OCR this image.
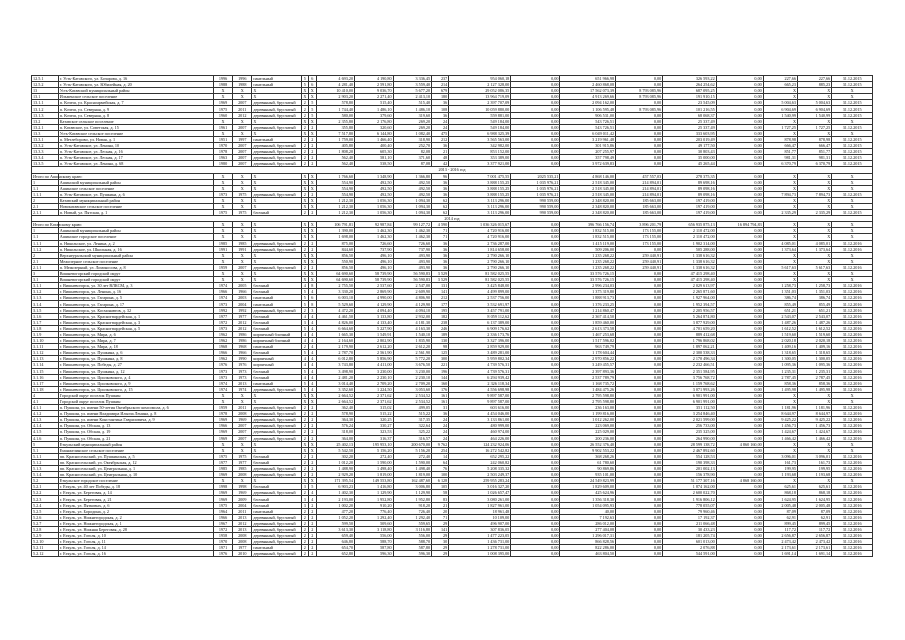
12.5.1	г. Усть-Катавского, ул. Бочарова, д. 16	1996	1996	панельный	5	6	4 693,20	4 190,80	3 336,45	237	954 060,18	0,00	651 966,98	0,00	326 593,22	0,00	227,66	227,66	31.12.2015
12.5.2	г. Усть-Катавского, ул. Юбилейная, д. 20	1988	1988	панельный	5	6	4 281,40	2 591,80	3 559,40	214	2 127 328,00	0,00	2 460 868,08	0,00	264 254,62	0,00	665,23	885,23	31.12.2015
13	Усть-Катавский муниципальный район	X	X	X	X	X	10 410,00	9 036,70	5 677,20	679	29 052 086,35	0,00	17 562 073,39	8 793 085,96	687 095,25	0,00	X	X	X
13.1	Ильменское сельское поселение	X	X	X	X	X	2 903,20	2 271,40	2 413,10	180	13 964 719,09	0,00	4 913 269,66	8 793 085,96	191 910,15	0,00	X	X	X
13.1.1	п. Кочеш, ул. Красноармейская, д. 7	1969	2007	деревянный, брусчатый	2	5	578,80	515,40	515,40	36	2 397 707,09	0,00	2 094 162,00	0,00	23 545,09	0,00	5 004,63	5 004,63	31.12.2015
13.1.2	п. Кочеш, ул. Северная, д. 9	1975	2011	деревянный, брусчатый	2	5	1 744,40	1 486,10	1 486,10	108	10 059 880,00	0,00	1 106 595,48	8 793 085,96	101 216,55	0,00	6 904,69	6 904,69	31.12.2015
13.1.3	п. Кочеш, ул. Северная, д. 8	1960	2012	деревянный, брусчатый	2	5	580,00	379,60	319,60	36	559 881,00	0,00	906 531,00	0,00	68 068,37	0,00	1 540,99	1 540,99	31.12.2015
13.2	Катавское сельское поселение	X	X	X	X	X	2 355,80	2 176,80	269,20	24	549 184,00	0,00	543 726,51	0,00	25 337,49	0,00	X	X	X
13.2.1	п. Катавское, ул. Советская, д. 15	1961	2007	деревянный, брусчатый	2	2	355,80	320,60	269,20	24	549 184,00	0,00	543 726,51	0,00	25 337,49	0,00	1 727,25	1 727,25	31.12.2015
13.3	Усть-Катавское сельское поселение	X	X	X	X	X	7 517,80	6 144,80	1 082,40	475	6 988 325,39	0,00	6 049 011,42	0,00	333 603,95	0,00	X	X	X
13.3.1	п. Метлеборово, ул. Новая, д. 1	1951	1997	панельный	2	2	1 759,00	1 466,40	318,90	212	3 565 563,00	0,00	3 219 961,48	0,00	203 019,49	0,00	878,98	878,98	31.12.2015
13.3.2	п. Усть-Катавское, ул. Ленина, 10	1970	2007	деревянный, брусчатый	2	2	405,80	400,40	252,70	36	342 982,00	0,00	301 915,86	0,00	49 177,50	0,00	666,47	666,47	31.12.2015
13.3.3	п. Усть-Катавское, ул. Лесная, д. 16	1978	2007	деревянный, брусчатый	2	2	1 808,20	605,30	82,08	21	853 152,00	0,00	207 255,97	0,00	30 803,43	0,00	851,77	851,77	31.12.2015
13.3.4	п. Усть-Катавское, ул. Лесная, д. 17	1963	2007	деревянный, брусчатый	2	2	562,40	581,10	371,60	48	353 389,00	0,00	357 798,49	0,00	35 000,00	0,00	981,31	981,31	31.12.2015
13.3.5	п. Усть-Катавское, ул. Ленина, д. 68	1980	2007	деревянный, брусчатый	2	2	562,40	538,50	87,08	42	3 377 921,00	0,00	3 972 639,83	0,00	45 265,44	0,00	6 370,79	6 370,79	31.12.2015
2013 - 2016 год																			
Итого по Ашинскому краю:		X	X	X	X	X	1 766,60	1 348,90	1 366,80	96	7 001 475,55	2025 535,21	4 868 146,00	457 557,03	278 375,35	0,00	X	X	X
1	Ашинский муниципальный район	X	X	X	X	X	554,90	492,50	492,50	36	3 888 155,25	1 035 976,21	2 518 345,00	214 894,01	89 698,16	0,00	X	X	X
1.1	Ашинское сельское поселение	X	X	X	X	X	554,90	492,50	492,50	36	3 888 155,25	1 035 976,21	2 518 345,00	214 894,01	89 098,16	0,00	X	X	X
1.1.1	п. Усть-Катавское, ул. Пушкина, д. 6	1973	1975	деревянный, брусчатый	2	2	554,90	492,50	492,50	36	3 888 155,25	1 035 976,21	2 518 345,00	214 894,01	89 098,16	0,00	7 894,73	7 894,73	31.12.2015
2	Катавский муниципальный район	X	X	X	X	X	1 212,30	1 056,30	1 094,30	62	3 113 296,00	990 559,00	2 348 820,00	185 663,00	197 419,00	0,00	X	X	X
2.1	Новокатавское сельское поселение	X	X	X	X	X	1 212,30	1 056,30	1 094,30	62	3 113 296,00	990 559,00	2 348 820,00	185 663,00	197 419,00	0,00	X	X	X
2.1.1	п. Новый, ул. Пятская, д. 1	1975	1975	блочный	2	2	1 212,30	1 056,30	1 094,30	62	3 113 296,00	990 559,00	2 348 820,00	185 663,00	197 419,00	0,00	2 335,29	2 335,29	31.12.2015
2014 год																			
Итого по Катавскому краю:		X	X	X	X	X	106 791,81	92 987,84	99 127,72	4 590	1 036 326 015,67	0,00	396 766 156,74	3 896 201,79	656 935 875,13	16 894 794,83	X	X	X
1	Ашинский муниципальный район	X	X	X	X	X	1 390,00	1 462,30	1 462,30	71	4 720 916,00	0,00	1 832 515,00	173 155,00	2 110 472,00	0,00	X	X	X
1.1	Ашинское городское поселение	X	X	X	X	X	1 698,00	1 462,30	1 462,30	71	4 720 916,00	0,00	1 832 515,00	173 155,00	2 110 472,00	0,00	X	X	X
1.1.1	п. Никольское, ул. Ленина, д. 2	1985	1985	деревянный, брусчатый	2	2	875,00	726,60	726,60	36	2 736 287,00	0,00	1 415 119,00	173 155,00	1 902 314,00	0,00	4 085,01	4 085,01	31.12.2016
1.1.2	п. Никольское, ул. Школьная, д. 16	1991	1991	деревянный, брусчатый	2	2	844,60	737,90	737,90	36	1 814 658,00	0,00	509 206,00	0,00	505 288,00	0,00	1 373,64	1 373,64	31.12.2016
2	Верхнеуральский муниципальный район	X	X	X	X	X	856,50	496,10	493,90	36	2 790 266,10	0,00	1 235 268,22	259 440,91	1 338 616,32	0,00	X	X	X
2.1	Межозерное сельское поселение	X	X	X	X	X	550,90	496,10	493,90	36	2 790 266,10	0,00	1 235 268,22	259 440,91	1 338 616,32	0,00	X	X	X
2.1.1	п. Межозерный, ул. Ломоносова, д. 8	1959	2007	деревянный, брусчатый	2	2	856,50	496,10	493,90	36	2 790 266,10	0,00	1 235 268,22	259 440,91	1 338 616,32	0,00	5 617,63	5 617,63	31.12.2016
3	Вишневогорский городской округ	X	X	X	X	X	64 690,60	58 739,90	56 590,83	3 529	81 582 025,55	0,00	33 576 726,15	0,00	47 415 298,40	0,00	X	X	X
3.1	Вишневогорский городской округ	X	X	X	X	X	64 690,60	58 739,90	56 590,83	3 529	81 582 025,55	0,00	33 576 726,15	0,00	47 415 298,40	0,00	X	X	X
3.1.1	г. Вишневогорск, ул. 30 лет ВЛКСМ, д. 3	1974	2005	блочный	4	8	2 755,50	2 537,60	2 547,00	131	3 425 848,00	0,00	2 996 234,03	0,00	2 029 613,97	0,00	1 258,73	1 258,73	31.12.2016
3.1.2	г. Вишневогорск, ул. Ленина, д. 16	1966	1966	блочный	5	4	3 330,20	2 869,90	2 609,90	141	4 499 899,00	0,00	1 375 319,80	0,00	2 265 871,60	0,00	1 351,03	1 351,03	31.12.2016
3.1.3	г. Вишневогорск, ул. Гагарина, д. 5	1974	2003	панельный	5	6	6 003,10	4 990,00	4 806,90	212	2 537 756,00	0,00	1 888 913,73	0,00	1 927 964,00	0,00	386,74	386,74	31.12.2016
3.1.4	г. Вишневогорск, ул. Гагарина, д. 17	1973	2004	панельный	5	8	5 529,60	4 129,90	4 129,90	177	3 532 691,97	0,00	1 376 233,25	0,00	1 952 394,57	0,00	855,49	855,49	31.12.2016
3.1.5	г. Вишневогорск, ул. Космонавтов, д. 32	1992	1992	деревянный, брусчатый	2	3	4 472,20	4 094,40	4 094,10	195	3 457 791,00	0,00	1 214 860,47	0,00	2 205 956,57	0,00	651,21	651,21	31.12.2016
3.1.6	г. Вишневогорск, ул. Красногвардейская, д. 1	1977	1977	блочный	4	4	4 461,50	3 133,80	2 932,00	182	8 059 112,62	0,00	2 367 414,50	0,00	5 264 874,80	0,00	2 543,07	2 543,07	31.12.2016
3.1.7	г. Вишневогорск, ул. Красногвардейская, д. 3	1972	2012	блочный	3	4	4 826,00	4 133,40	4 181,30	238	6 137 389,00	0,00	1 859 460,00	0,00	3 877 929,00	0,00	1 487,26	1 487,26	31.12.2016
3.1.8	г. Вишневогорск, ул. Красногвардейская, д. 5	1973	2012	блочный	5	4	6 664,60	5 227,90	4 163,30	246	6 909 176,62	0,00	2 613 373,58	0,00	4 701 659,20	0,00	1 612,52	1 612,52	31.12.2016
3.1.9	г. Вишневогорск, ул. Мира, д. 6	1962	1986	кирпичный блочный	4	4	1 665,30	1 549,91	1 540,10	189	2 336 173,76	0,00	1 467 253,68	0,00	889 412,68	0,00	1 519,60	1 519,60	31.12.2016
3.1.10	г. Вишневогорск, ул. Мира, д. 7	1962	1986	кирпичный блочный	4	4	2 164,60	2 802,90	1 835,90	130	3 327 396,00	0,00	1 517 596,02	0,00	1 796 868,02	0,00	2 020,18	2 020,18	31.12.2016
3.1.11	г. Вишневогорск, ул. Мира, д. 18	1968	1968	панельный	2	4	2 179,90	2 612,20	2 612,20	98	2 859 929,00	0,00	963 749,79	0,00	1 897 062,21	0,00	1 409,16	1 409,16	31.12.2016
3.1.12	г. Вишневогорск, ул. Пушкина, д. 6	1966	1966	блочный	5	4	2 787,70	2 561,90	2 561,90	125	3 489 281,00	0,00	1 178 604,44	0,00	2 300 538,33	0,00	1 318,65	1 318,65	31.12.2016
3.1.13	г. Вишневогорск, ул. Пушкина, д. 8	1962	1990	кирпичный	4	4	6 012,80	5 856,90	5 772,20	300	5 959 802,34	0,00	2 970 856,22	0,00	2 170 496,34	0,00	1 300,05	1 300,05	31.12.2016
3.1.14	г. Вишневогорск, ул. Победы, д. 27	1976	1976	кирпичный	4	4	3 743,80	4 411,00	3 676,50	221	4 739 576,31	0,00	3 249 455,57	0,00	2 232 466,51	0,00	1 095,36	1 095,36	31.12.2016
3.1.15	г. Вишневогорск, ул. Пушкина, д. 12	1973	1973	блочный	5	4	3 498,90	3 230,00	3 230,00	196	4 739 576,31	0,00	2 397 893,36	0,00	2 351 584,95	0,00	1 235,31	1 235,31	31.12.2016
3.1.16	г. Вишневогорск, ул. Циолковского, д. 4	1973	1973	блочный	4	4	2 481,20	2 230,10	2 230,10	144	6 294 939,42	0,00	2 537 789,79	0,00	3 756 768,72	0,00	2 787,45	2 787,45	31.12.2016
3.1.17	г. Вишневогорск, ул. Циолковского, д. 9	1974	2013	панельный	5	4	3 014,40	2 709,20	2 709,20	160	2 326 118,34	0,00	1 168 735,72	0,00	1 159 768,62	0,00	858,36	858,36	31.12.2016
3.1.18	г. Вишневогорск, ул. Циолковского, д. 15	1974	1974	деревянный, брусчатый	5	4	3 352,60	1 224,50	3 053,60	176	4 556 698,98	0,00	1 484 475,26	0,00	3 071 993,26	0,00	1 495,98	1 495,98	31.12.2016
4	Городской округ поселок Пушкин	X	X	X	X	X	2 664,52	2 371,62	2 534,52	161	9 897 587,00	0,00	2 795 598,80	0,00	6 901 991,00	0,00	X	X	X
4.1	Городской округ поселок Пушкин	X	X	X	X	X	2 664,52	2 371,62	2 534,52	161	9 897 587,00	0,00	2 795 598,80	0,00	6 901 991,00	0,00	X	X	X
4.1.1	п. Пушкин, ул. имени 50-летия Октябрьского комсомола, д. 6	1959	2011	деревянный, брусчатый	2	2	362,40	315,02	499,05	31	603 616,00	0,00	236 163,00	0,00	351 112,50	0,00	1 181,96	1 181,96	31.12.2016
4.1.2	п. Пушкин, ул. имени Владимира Ильича Ленина, д. 8	1978	2008	деревянный, брусчатый	2	2	578,90	515,22	515,22	36	4 454 046,00	0,00	1 199 816,00	0,00	3 254 846,40	0,00	8 644,97	8 644,97	31.12.2016
4.1.3	п. Пушкин, ул. имени Константина Гавриловича, д. 9	1969	1969	деревянный, брусчатый	2	2	364,30	320,25	317,35	24	3 133 861,00	0,00	1 012 262,00	0,00	2 021 599,00	0,00	9 425,22	9 425,22	31.12.2016
4.1.4	п. Пушкин, ул. Обская, д. 13	1966	2007	деревянный, брусчатый	2	2	576,24	330,27	322,64	24	480 999,00	0,00	223 069,00	0,00	256 733,00	0,00	1 456,73	1 456,73	31.12.2016
4.1.5	п. Пушкин, ул. Обская, д. 19	1969	2007	деревянный, брusчатый	2	2	318,00	323,53	325,22	24	460 974,00	0,00	225 029,00	0,00	235 325,00	0,00	1 424,67	1 424,67	31.12.2016
4.1.6	п. Пушкин, ул. Обская, д. 21	1969	2007	деревянный, брусчатый	2	2	364,00	316,37	316,57	24	464 226,00	0,00	200 236,00	0,00	264 990,00	0,00	1 466,42	1 466,42	31.12.2016
5	Еткульский муниципальный район	X	X	X	X	X	25 402,13	195 953,10	200 670,00	9 762	124 232 924,06	0,00	26 552 376,40	0,00	28 599 138,72	4 860 160,00	X	X	X
5.1	Еманжелинское сельское поселение	X	X	X	X	X	5 542,50	5 156,20	5 156,20	254	16 272 542,82	0,00	9 902 553,22	0,00	2 467 892,60	0,00	X	X	X
5.1.1	пп. Красносельский, ул. Пушкинская, д. 5	1975	1975	блочный	2	2	302,20	272,40	272,40	14	652 295,22	0,00	368 268,26	0,00	554 128,53	0,00	3 096,01	3 096,01	31.12.2016
5.1.2	пп. Красносельский, ул. Октябрьская, д. 12	1977	1977	блочный	2	2	1 012,20	1 590,00	1 590,00	64	242 060,82	0,00	61 780,60	0,00	190 398,33	0,00	161,73	161,73	31.12.2016
5.1.3	пп. Красносельский, ул. Центральная, д. 1	1985	1985	деревянный, брусчатый	2	2	1 488,90	1 498,40	1 498,40	76	5 208 335,32	0,00	90 869,86	0,00	201 002,13	0,00	199,95	199,95	31.12.2016
5.1.4	пп. Красносельский, ул. Центральная, д. 10	1969	2008	деревянный, брусчатый	2	2	2 929,20	1 819,00	1 819,00	100	2 503 249,37	0,00	935 101,00	0,00	156 378,90	0,00	1 193,68	1 193,68	31.12.2016
5.2	Еткульское городское поселение	X	X	X	X	X	171 395,54	149 553,80	162 487,60	6 128	259 955 283,24	0,00	24 549 823,99	0,00	51 177 307,16	4 868 160,00	X	X	X
5.2.1	г. Еткуль, ул. 40 лет Победы, д. 18	1998	1998	блочный	3	5	6 903,23	1 416,80	3 006,80	105	3 016 327,20	0,00	1 829 609,00	0,00	1 874 162,00	0,00	625,61	625,61	31.12.2016
5.2.2	г. Еткуль, ул. Береговая, д. 14	1969	1969	деревянный, брусчатый	2	4	1 402,30	1 129,90	1 129,90	58	1 026 657,47	0,00	425 624,96	0,00	2 600 022,70	0,00	868,18	868,18	31.12.2016
5.2.3	г. Еткуль, ул. Береговая, д. 21	1969	2009	блочный	3	4	2 193,00	1 952,80	1 952,80	83	3 080 261,00	0,00	1 356 318,30	0,00	1 916 806,12	0,00	1 624,95	1 624,95	31.12.2016
5.2.4	г. Еткуль, ул. Пятковых, д. 6	1975	2004	блочный	3	2	1 002,20	910,20	918,20	21	1 827 961,00	0,00	1 054 095,93	0,00	778 055,07	0,00	2 005,48	2 005,48	31.12.2016
5.2.5	г. Еткуль, ул. Бородина, д. 2	1964	2011	панельный	2	2	477,20	776,40	726,40	20	18 961,48	0,00	40,00	0,00	79 960,46	0,00	87,09	87,09	31.12.2016
5.2.6	г. Еткуль, ул. Нижнегородская, д. 2	1966	2013	деревянный, брусчатый	2	2	1 052,20	1 292,40	1 292,40	71	10 109,00	0,00	7 192,63	0,00	17 192,37	0,00	62,91	62,91	31.12.2016
5.2.7	г. Еткуль, ул. Нижнегородская, д. 1	1967	2012	деревянный, брусчатый	2	2	599,50	509,60	559,65	29	496 907,00	0,00	286 012,00	0,00	211 066,48	0,00	899,45	899,45	31.12.2016
5.2.8	г. Еткуль, ул. Нижняя Береговая, д. 28	1972	2013	деревянный, брусчатый	2	2	3 613,30	3 118,80	3 116,80	141	307 836,05	0,00	277 404,08	0,00	30 433,23	0,00	117,72	117,72	31.12.2016
5.2.9	г. Еткуль, ул. Гоголя, д. 10	1958	2008	деревянный, брусчатый	2	2	659,40	556,00	556,00	29	1 477 223,05	0,00	1 296 017,31	0,00	181 205,74	0,00	2 656,87	2 656,87	31.12.2016
5.2.10	г. Еткуль, ул. Гоголя, д. 11	1970	2008	деревянный, брусчатый	2	2	646,80	588,70	588,70	30	1 436 731,00	0,00	866 828,56	0,00	601 013,00	0,00	2 473,42	2 473,42	31.12.2016
5.2.11	г. Еткуль, ул. Гоголя, д. 14	1971	1977	панельный	2	2	654,70	587,80	587,80	29	1 278 731,00	0,00	822 286,00	0,00	2 076,88	0,00	2 173,61	2 173,61	31.12.2016
5.2.12	г. Еткуль, ул. Гоголя, д. 16	1976	2010	деревянный, брусчатый	2	2	652,80	596,30	596,30	29	1 008 395,00	0,00	463 804,50	0,00	544 591,00	0,00	1 691,14	1 691,14	31.12.2016
